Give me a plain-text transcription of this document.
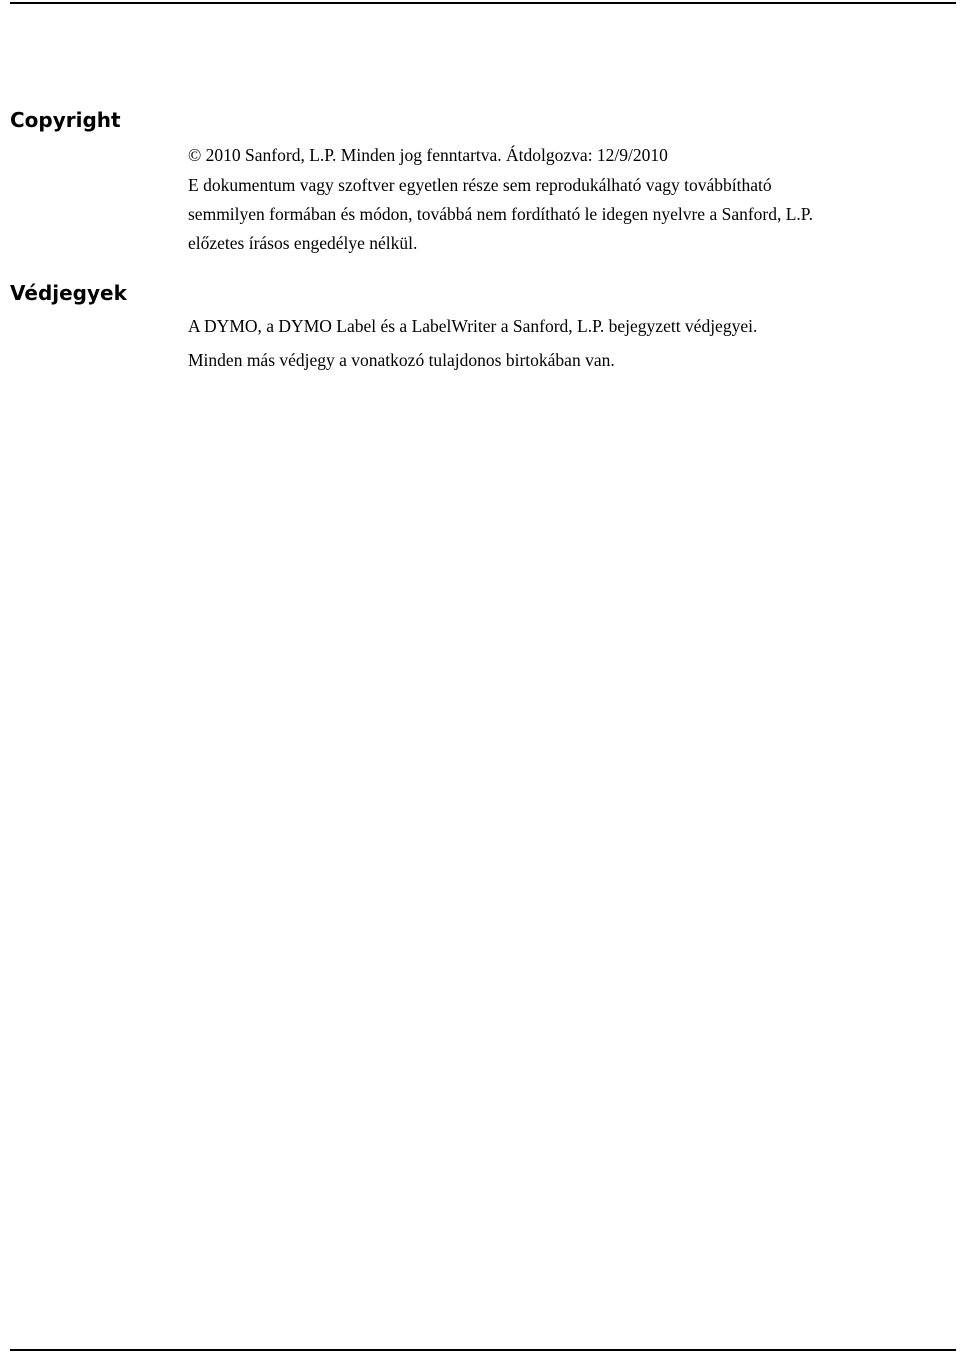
Copyright

© 2010 Sanford, L.P. Minden jog fenntartva. Átdolgozva: 12/9/2010

E dokumentum vagy szoftver egyetlen része sem reprodukálható vagy továbbítható
semmilyen formában és módon, továbbá nem fordítható le idegen nyelvre a Sanford, L.P.
előzetes írásos engedélye nélkül.

Védjegyek

A DYMO, a DYMO Label és a LabelWriter a Sanford, L.P. bejegyzett védjegyei.

Minden más védjegy a vonatkozó tulajdonos birtokában van.
